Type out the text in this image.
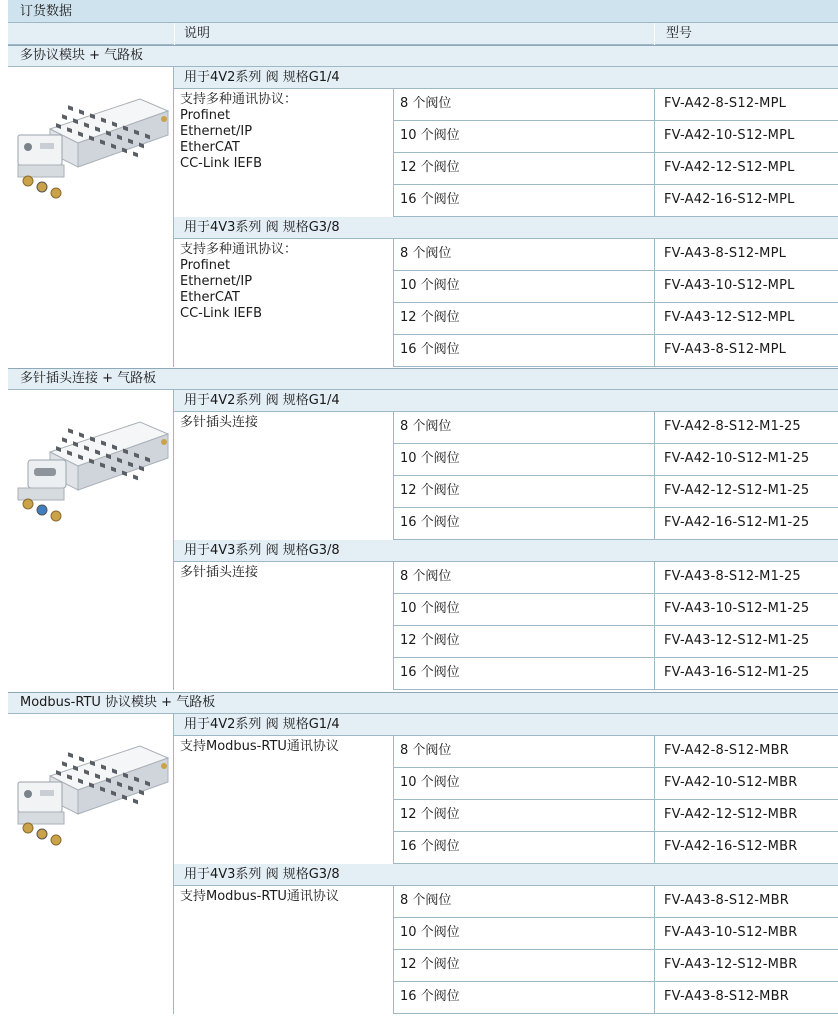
订货数据
说明	型号
多协议模块 + 气路板
用于4V2系列 阀 规格G1/4
支持多种通讯协议：
Profinet
Ethernet/IP
EtherCAT
CC-Link IEFB
8 个阀位	FV-A42-8-S12-MPL
10 个阀位	FV-A42-10-S12-MPL
12 个阀位	FV-A42-12-S12-MPL
16 个阀位	FV-A42-16-S12-MPL
用于4V3系列 阀 规格G3/8
支持多种通讯协议：
Profinet
Ethernet/IP
EtherCAT
CC-Link IEFB
8 个阀位	FV-A43-8-S12-MPL
10 个阀位	FV-A43-10-S12-MPL
12 个阀位	FV-A43-12-S12-MPL
16 个阀位	FV-A43-8-S12-MPL
多针插头连接 + 气路板
用于4V2系列 阀 规格G1/4
多针插头连接	8 个阀位	FV-A42-8-S12-M1-25
10 个阀位	FV-A42-10-S12-M1-25
12 个阀位	FV-A42-12-S12-M1-25
16 个阀位	FV-A42-16-S12-M1-25
用于4V3系列 阀 规格G3/8
多针插头连接	8 个阀位	FV-A43-8-S12-M1-25
10 个阀位	FV-A43-10-S12-M1-25
12 个阀位	FV-A43-12-S12-M1-25
16 个阀位	FV-A43-16-S12-M1-25
Modbus-RTU 协议模块 + 气路板
用于4V2系列 阀 规格G1/4
支持Modbus-RTU通讯协议	8 个阀位	FV-A42-8-S12-MBR
10 个阀位	FV-A42-10-S12-MBR
12 个阀位	FV-A42-12-S12-MBR
16 个阀位	FV-A42-16-S12-MBR
用于4V3系列 阀 规格G3/8
支持Modbus-RTU通讯协议	8 个阀位	FV-A43-8-S12-MBR
10 个阀位	FV-A43-10-S12-MBR
12 个阀位	FV-A43-12-S12-MBR
16 个阀位	FV-A43-8-S12-MBR
